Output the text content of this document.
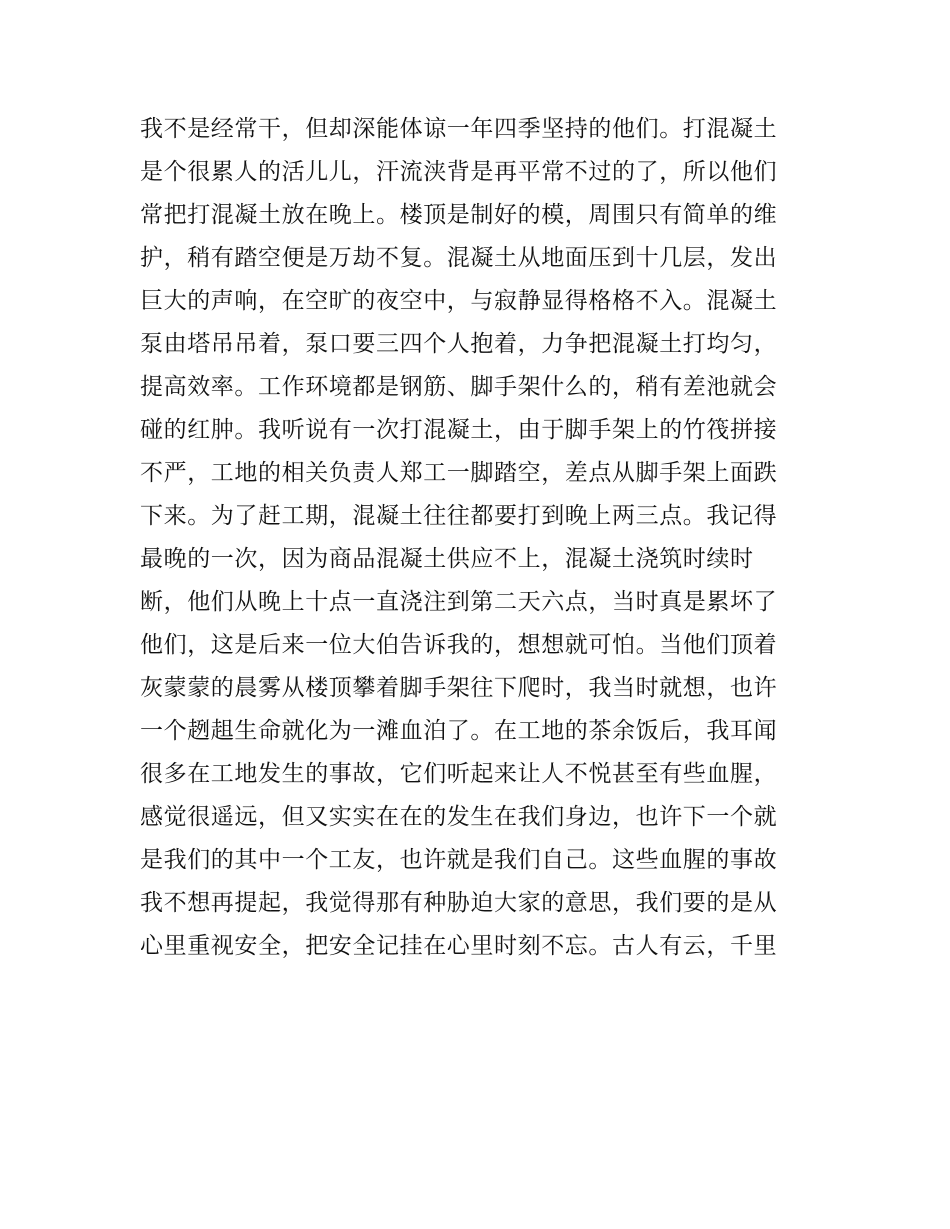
我不是经常干，但却深能体谅一年四季坚持的他们。打混凝土
是个很累人的活儿儿，汗流浃背是再平常不过的了，所以他们
常把打混凝土放在晚上。楼顶是制好的模，周围只有简单的维
护，稍有踏空便是万劫不复。混凝土从地面压到十几层，发出
巨大的声响，在空旷的夜空中，与寂静显得格格不入。混凝土
泵由塔吊吊着，泵口要三四个人抱着，力争把混凝土打均匀，
提高效率。工作环境都是钢筋、脚手架什么的，稍有差池就会
碰的红肿。我听说有一次打混凝土，由于脚手架上的竹筏拼接
不严，工地的相关负责人郑工一脚踏空，差点从脚手架上面跌
下来。为了赶工期，混凝土往往都要打到晚上两三点。我记得
最晚的一次，因为商品混凝土供应不上，混凝土浇筑时续时
断，他们从晚上十点一直浇注到第二天六点，当时真是累坏了
他们，这是后来一位大伯告诉我的，想想就可怕。当他们顶着
灰蒙蒙的晨雾从楼顶攀着脚手架往下爬时，我当时就想，也许
一个趔趄生命就化为一滩血泊了。在工地的茶余饭后，我耳闻
很多在工地发生的事故，它们听起来让人不悦甚至有些血腥，
感觉很遥远，但又实实在在的发生在我们身边，也许下一个就
是我们的其中一个工友，也许就是我们自己。这些血腥的事故
我不想再提起，我觉得那有种胁迫大家的意思，我们要的是从
心里重视安全，把安全记挂在心里时刻不忘。古人有云，千里
